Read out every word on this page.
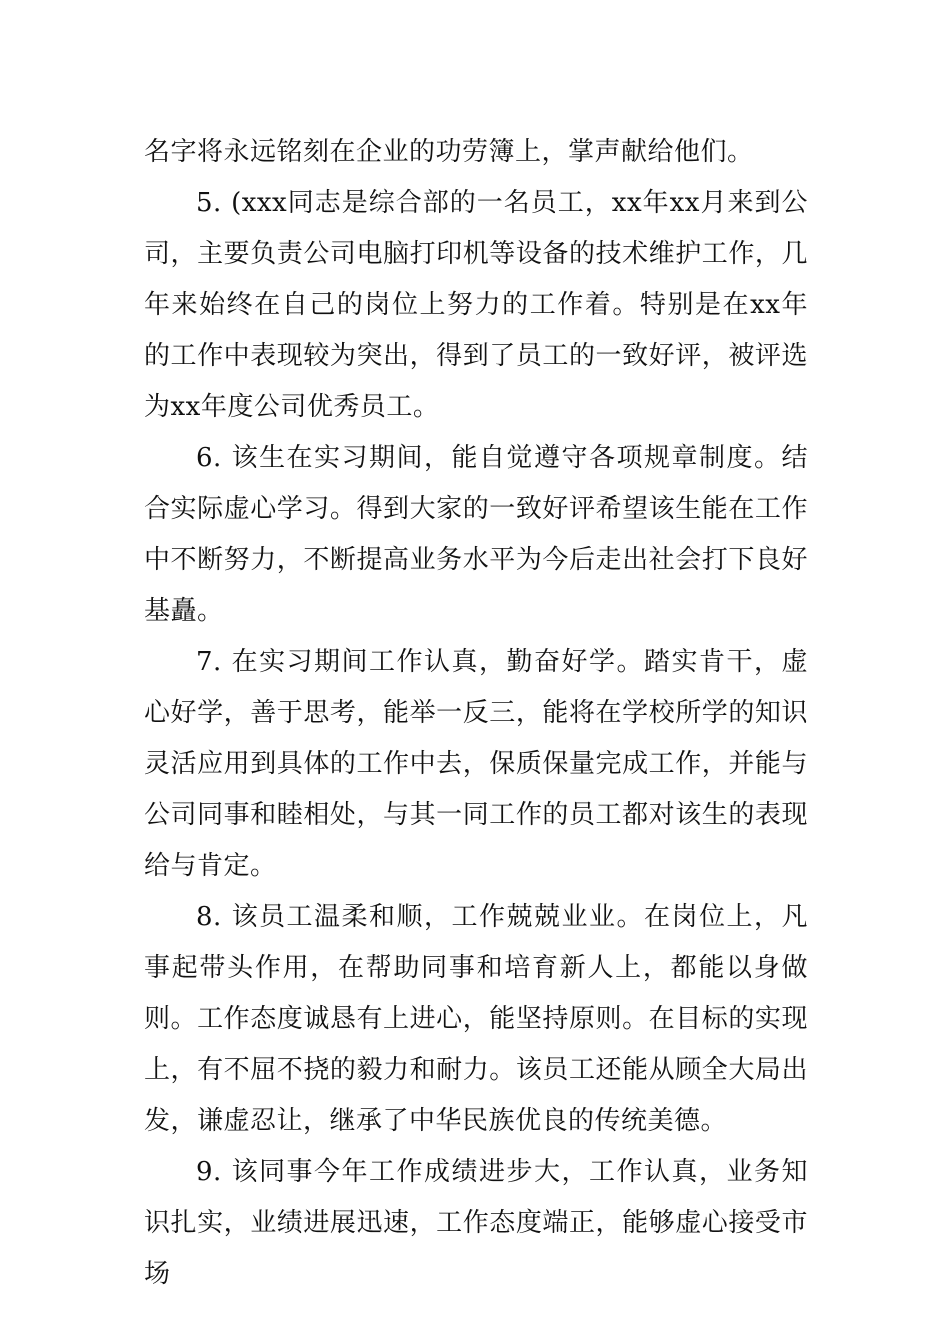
名字将永远铭刻在企业的功劳簿上，掌声献给他们。

5. (xxx同志是综合部的一名员工，xx年xx月来到公司，主要负责公司电脑打印机等设备的技术维护工作，几年来始终在自己的岗位上努力的工作着。特别是在xx年的工作中表现较为突出，得到了员工的一致好评，被评选为xx年度公司优秀员工。

6. 该生在实习期间，能自觉遵守各项规章制度。结合实际虚心学习。得到大家的一致好评希望该生能在工作中不断努力，不断提高业务水平为今后走出社会打下良好基矗。

7. 在实习期间工作认真，勤奋好学。踏实肯干，虚心好学，善于思考，能举一反三，能将在学校所学的知识灵活应用到具体的工作中去，保质保量完成工作，并能与公司同事和睦相处，与其一同工作的员工都对该生的表现给与肯定。

8. 该员工温柔和顺，工作兢兢业业。在岗位上，凡事起带头作用，在帮助同事和培育新人上，都能以身做则。工作态度诚恳有上进心，能坚持原则。在目标的实现上，有不屈不挠的毅力和耐力。该员工还能从顾全大局出发，谦虚忍让，继承了中华民族优良的传统美德。

9. 该同事今年工作成绩进步大，工作认真，业务知识扎实，业绩进展迅速，工作态度端正，能够虚心接受市场
